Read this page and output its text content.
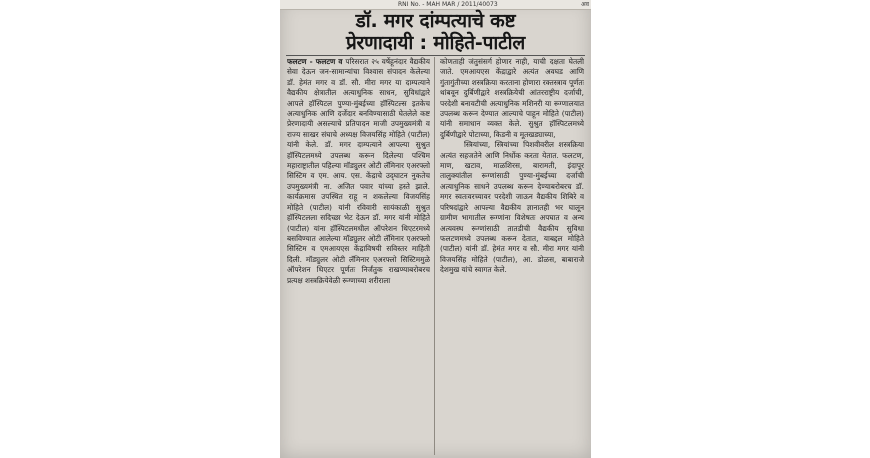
RNI No. - MAH MAR / 2011/40073	अव
डॉ. मगर दांम्पत्याचे कष्ट
प्रेरणादायी : मोहिते-पाटील

फलटण - फलटण व परिसरात २५ वर्षेहूनंदार वैद्यकीय सेवा देऊन जन-सामान्यांचा विश्वास संपादन केलेल्या डॉ. हेमंत मगर व डॉ. सौ. मीरा मगर या दाम्पत्याने वैद्यकीय क्षेत्रातील अत्याधुनिक साधन, सुविधांद्वारे आपले हॉस्पिटल पुण्या-मुंबईच्या हॉस्पिटल्स इतकेच अत्याधुनिक आणि दर्जेदार बनविण्यासाठी घेतलेले कष्ट प्रेरणादायी असल्याचे प्रतिपादन माजी उपमुख्यमंत्री व राज्य साखर संघाचे अध्यक्ष विजयसिंह मोहिते (पाटील) यांनी केले. डॉ. मगर दाम्पत्याने आपल्या सुश्रुत हॉस्पिटलमध्ये उपलब्ध करून दिलेल्या पश्चिम महाराष्ट्रातील पहिल्या मॉड्युलर ओटी लॅमिनार एअरफ्लो सिस्टिम व एम. आय. एस. केंद्राचे उद्‌घाटन नुकतेच उपमुख्यमंत्री ना. अजित पवार यांच्या हस्ते झाले. कार्यक्रमास उपस्थित राहू न शकलेल्या विजयसिंह मोहिते (पाटील) यांनी रविवारी सायंकाळी सुश्रुत हॉस्पिटलला सदिच्छा भेट देऊन डॉ. मगर यांनी मोहिते (पाटील) यांना हॉस्पिटलमधील ऑपरेशन थिएटरमध्ये बसविण्यात आलेल्या मॉड्युलर ओटी लॅमिनार एअरफ्लो सिस्टिम व एमआयएस केंद्राविषयी सविस्तर माहिती दिली. मॉड्युलर ओटी लॅमिनार एअरफ्लो सिस्टिममुळे ऑपरेशन थिएटर पूर्णतः निर्जंतुक राखण्याबरोबरच प्रत्यक्ष शस्त्रक्रियेवेळी रूग्णाच्या शरीराला

कोणताही जंतुसंसर्ग होणार नाही, याची दक्षता घेतली जाते. एमआयएस केंद्राद्वारे अत्यंत अवघड आणि गुंतागुंतीच्या शस्त्रक्रिया करताना होणारा रक्तस्त्राव पूर्णतः थांबवून दुर्बिणीद्वारे शस्त्रक्रियेची आंतरराष्ट्रीय दर्जाची, परदेशी बनावटीची अत्याधुनिक मशिनरी या रूग्णालयात उपलब्ध करून देण्यात आल्याचे पाहून मोहिते (पाटील) यांनी समाधान व्यक्त केले. सुश्रुत हॉस्पिटलमध्ये दुर्बिणीद्वारे पोटाच्या, किडनी व मूतखड्याच्या,

स्त्रियांच्या, स्त्रियांच्या पिशवीवरील शस्त्रक्रिया अत्यंत सहजतेने आणि निर्धोक करता येतात. फलटण, माण, खटाव, माळशिरस, बारामती, इंदापूर तालुक्यांतील रूग्णांसाठी पुण्या-मुंबईच्या दर्जाची अत्याधुनिक साधने उपलब्ध करून देण्याबरोबरच डॉ. मगर स्वतःवरच्यावर परदेशी जाऊन वैद्यकीय शिबिरे व परिषदांद्वारे आपल्या वैद्यकीय ज्ञानातही भर घालून ग्रामीण भागातील रूग्णांना विशेषतः अपघात व अन्य अत्यवस्थ रूग्णांसाठी तातडीची वैद्यकीय सुविधा फलटणमध्ये उपलब्ध करून देतात, याबद्दल मोहिते (पाटील) यांनी डॉ. हेमंत मगर व सौ. मीरा मगर यांनी विजयसिंह मोहिते (पाटील), आ. डोळस, बाबाराजे देशमुख यांचे स्वागत केले.
